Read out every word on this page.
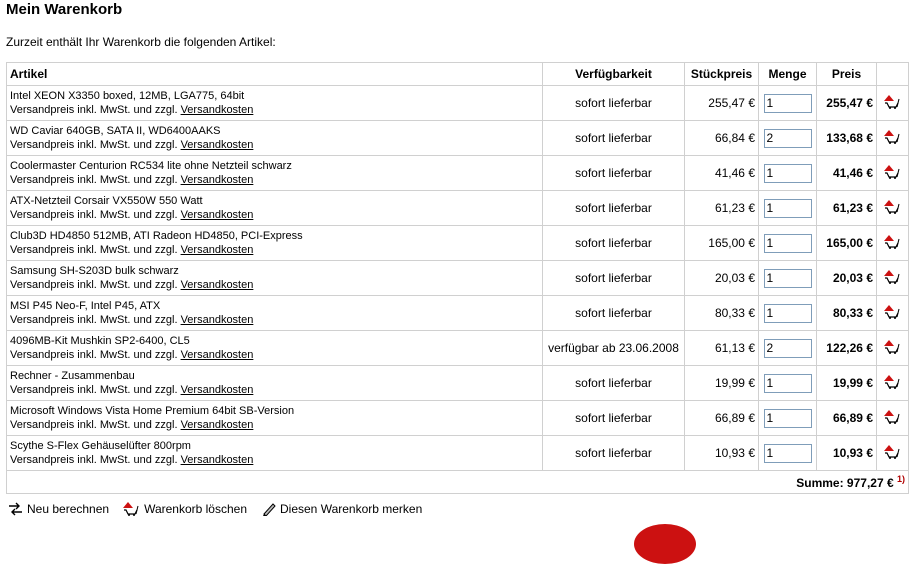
Mein Warenkorb
Zurzeit enthält Ihr Warenkorb die folgenden Artikel:
Artikel	Verfügbarkeit	Stückpreis	Menge	Preis	
Intel XEON X3350 boxed, 12MB, LGA775, 64bit
Versandpreis inkl. MwSt. und zzgl. Versandkosten	sofort lieferbar	255,47 €	1	255,47 €	
WD Caviar 640GB, SATA II, WD6400AAKS
Versandpreis inkl. MwSt. und zzgl. Versandkosten	sofort lieferbar	66,84 €	2	133,68 €	
Coolermaster Centurion RC534 lite ohne Netzteil schwarz
Versandpreis inkl. MwSt. und zzgl. Versandkosten	sofort lieferbar	41,46 €	1	41,46 €	
ATX-Netzteil Corsair VX550W 550 Watt
Versandpreis inkl. MwSt. und zzgl. Versandkosten	sofort lieferbar	61,23 €	1	61,23 €	
Club3D HD4850 512MB, ATI Radeon HD4850, PCI-Express
Versandpreis inkl. MwSt. und zzgl. Versandkosten	sofort lieferbar	165,00 €	1	165,00 €	
Samsung SH-S203D bulk schwarz
Versandpreis inkl. MwSt. und zzgl. Versandkosten	sofort lieferbar	20,03 €	1	20,03 €	
MSI P45 Neo-F, Intel P45, ATX
Versandpreis inkl. MwSt. und zzgl. Versandkosten	sofort lieferbar	80,33 €	1	80,33 €	
4096MB-Kit Mushkin SP2-6400, CL5
Versandpreis inkl. MwSt. und zzgl. Versandkosten	verfügbar ab 23.06.2008	61,13 €	2	122,26 €	
Rechner - Zusammenbau
Versandpreis inkl. MwSt. und zzgl. Versandkosten	sofort lieferbar	19,99 €	1	19,99 €	
Microsoft Windows Vista Home Premium 64bit SB-Version
Versandpreis inkl. MwSt. und zzgl. Versandkosten	sofort lieferbar	66,89 €	1	66,89 €	
Scythe S-Flex Gehäuselüfter 800rpm
Versandpreis inkl. MwSt. und zzgl. Versandkosten	sofort lieferbar	10,93 €	1	10,93 €	
Summe: 977,27 € $^{1)}$
Neu berechnen	Warenkorb löschen	Diesen Warenkorb merken
